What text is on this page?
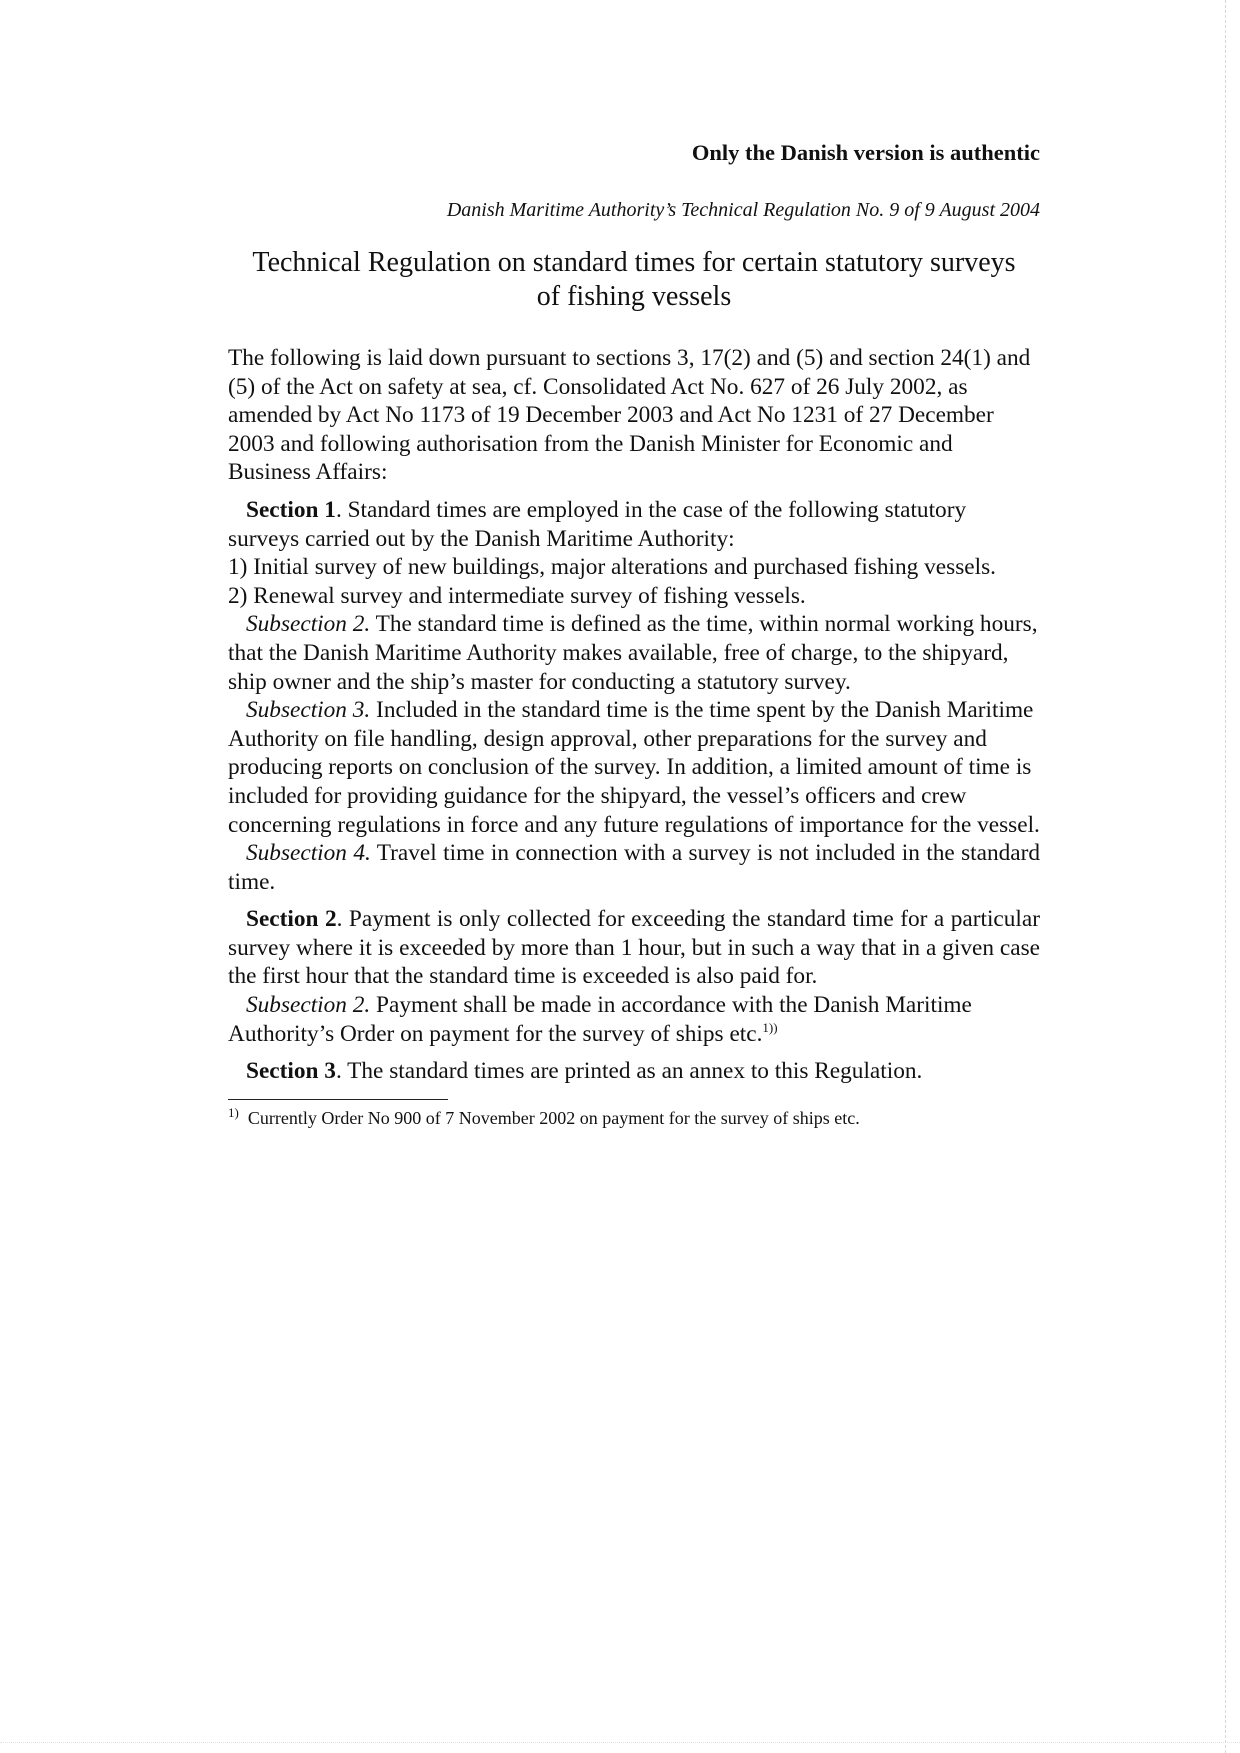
Only the Danish version is authentic

Danish Maritime Authority’s Technical Regulation No. 9 of 9 August 2004

Technical Regulation on standard times for certain statutory surveys
of fishing vessels

The following is laid down pursuant to sections 3, 17(2) and (5) and section 24(1) and (5) of the Act on safety at sea, cf. Consolidated Act No. 627 of 26 July 2002, as amended by Act No 1173 of 19 December 2003 and Act No 1231 of 27 December 2003 and following authorisation from the Danish Minister for Economic and Business Affairs:

Section 1. Standard times are employed in the case of the following statutory surveys carried out by the Danish Maritime Authority:

1) Initial survey of new buildings, major alterations and purchased fishing vessels.

2) Renewal survey and intermediate survey of fishing vessels.

Subsection 2. The standard time is defined as the time, within normal working hours, that the Danish Maritime Authority makes available, free of charge, to the shipyard, ship owner and the ship’s master for conducting a statutory survey.

Subsection 3. Included in the standard time is the time spent by the Danish Maritime Authority on file handling, design approval, other preparations for the survey and producing reports on conclusion of the survey. In addition, a limited amount of time is included for providing guidance for the shipyard, the vessel’s officers and crew concerning regulations in force and any future regulations of importance for the vessel.

Subsection 4. Travel time in connection with a survey is not included in the standard time.

Section 2. Payment is only collected for exceeding the standard time for a particular survey where it is exceeded by more than 1 hour, but in such a way that in a given case the first hour that the standard time is exceeded is also paid for.

Subsection 2. Payment shall be made in accordance with the Danish Maritime Authority’s Order on payment for the survey of ships etc.$^{1))}$

Section 3. The standard times are printed as an annex to this Regulation.

$^{1)}$ Currently Order No 900 of 7 November 2002 on payment for the survey of ships etc.
